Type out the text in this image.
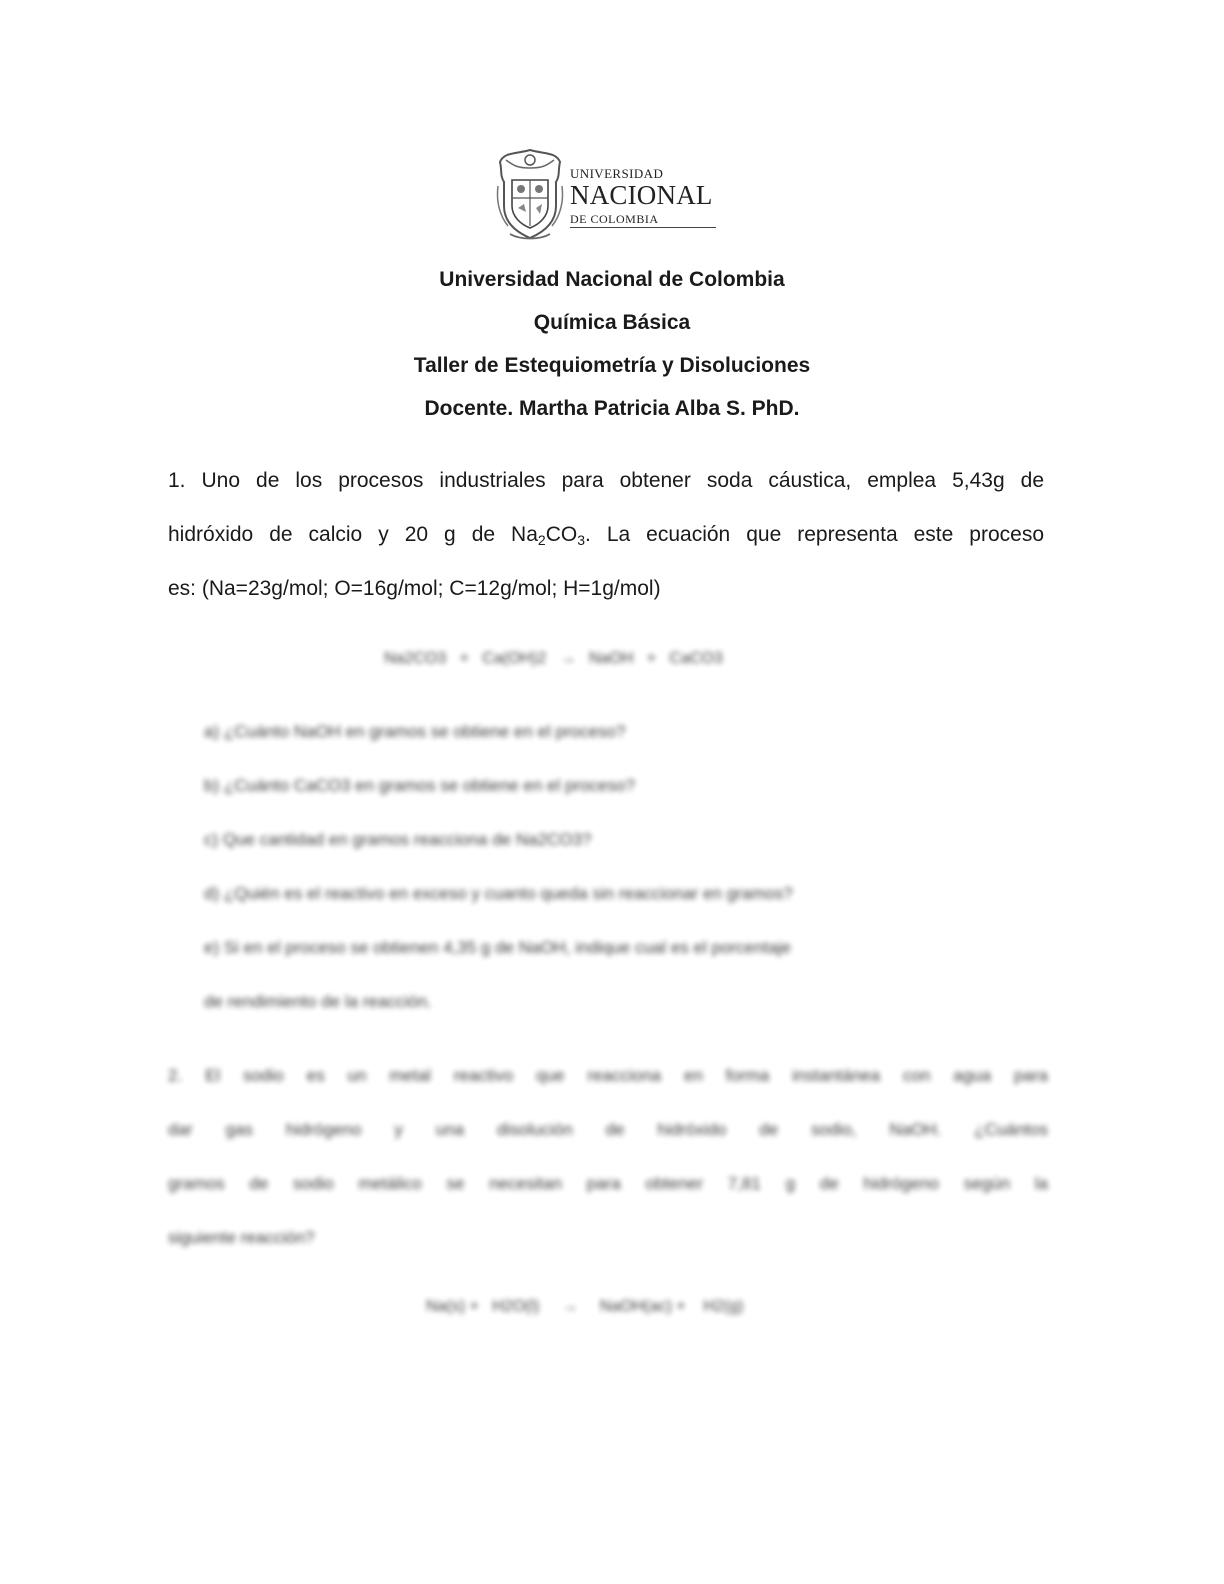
UNIVERSIDAD
NACIONAL
DE COLOMBIA
Universidad Nacional de Colombia
Química Básica
Taller de Estequiometría y Disoluciones
Docente. Martha Patricia Alba S. PhD.
1. Uno de los procesos industriales para obtener soda cáustica, emplea 5,43g de
hidróxido de calcio y 20 g de $Na_2CO_3$. La ecuación que representa este proceso
es: (Na=23g/mol; O=16g/mol; C=12g/mol; H=1g/mol)
Na2CO3   +   Ca(OH)2   →   NaOH   +   CaCO3
a) ¿Cuánto NaOH en gramos se obtiene en el proceso?
b) ¿Cuánto CaCO3 en gramos se obtiene en el proceso?
c) Que cantidad en gramos reacciona de Na2CO3?
d) ¿Quién es el reactivo en exceso y cuanto queda sin reaccionar en gramos?
e) Si en el proceso se obtienen 4,35 g de NaOH, indique cual es el porcentaje
de rendimiento de la reacción.
2. El sodio es un metal reactivo que reacciona en forma instantánea con agua para
dar gas hidrógeno y una disolución de hidróxido de sodio, NaOH. ¿Cuántos
gramos de sodio metálico se necesitan para obtener 7,81 g de hidrógeno según la
siguiente reacción?
Na(s) +   H2O(l)     →     NaOH(ac) +    H2(g)
